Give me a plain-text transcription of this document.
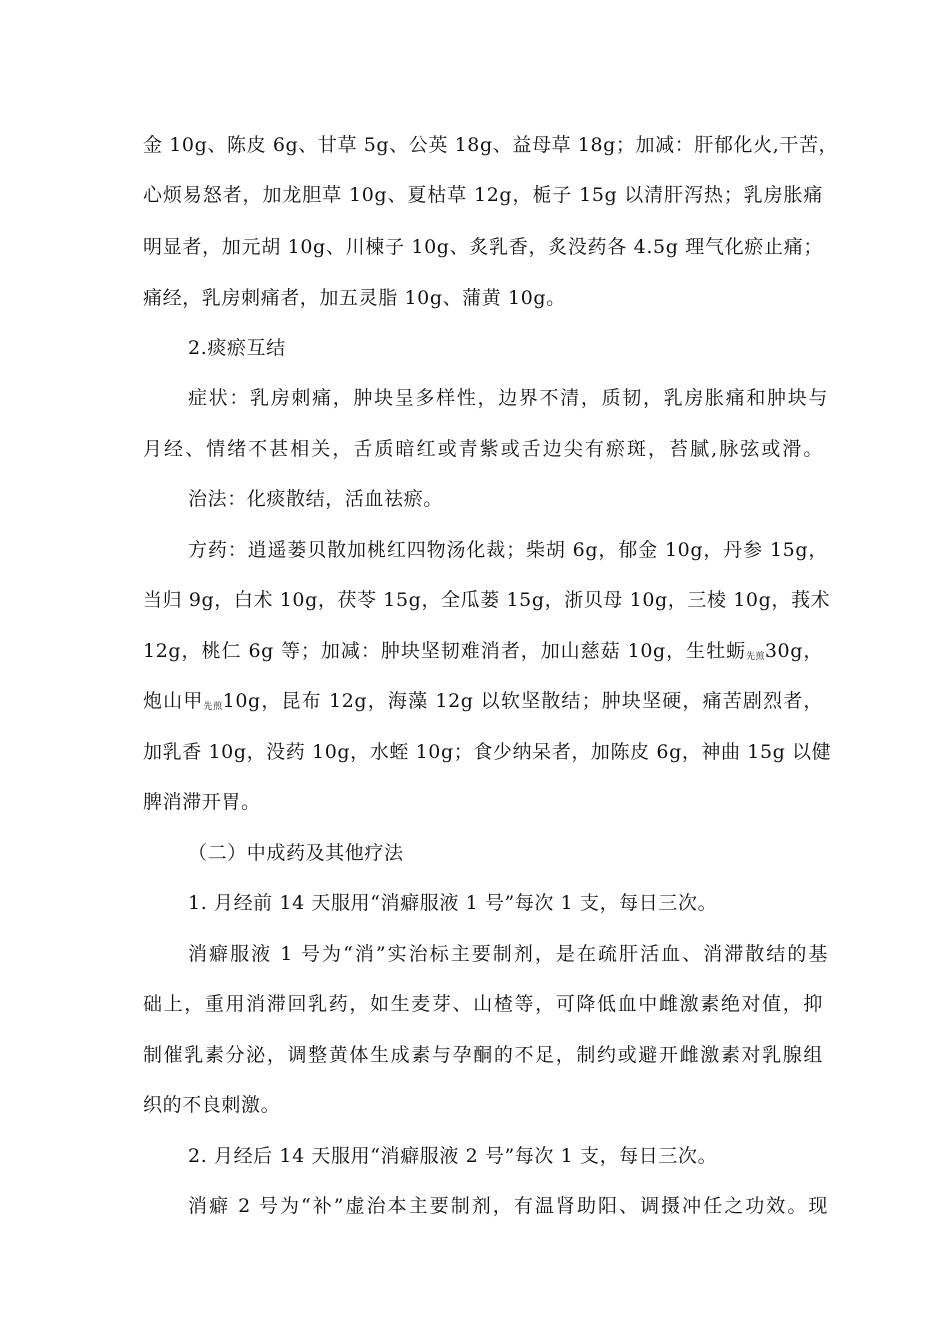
金 10g、陈皮 6g、甘草 5g、公英 18g、益母草 18g；加减：肝郁化火,干苦，
心烦易怒者，加龙胆草 10g、夏枯草 12g，栀子 15g 以清肝泻热；乳房胀痛
明显者，加元胡 10g、川楝子 10g、炙乳香，炙没药各 4.5g 理气化瘀止痛；
痛经，乳房刺痛者，加五灵脂 10g、蒲黄 10g。
2.痰瘀互结
症状：乳房刺痛，肿块呈多样性，边界不清，质韧，乳房胀痛和肿块与
月经、情绪不甚相关，舌质暗红或青紫或舌边尖有瘀斑，苔腻,脉弦或滑。
治法：化痰散结，活血祛瘀。
方药：逍遥蒌贝散加桃红四物汤化裁；柴胡 6g，郁金 10g，丹参 15g，
当归 9g，白术 10g，茯苓 15g，全瓜蒌 15g，浙贝母 10g，三棱 10g，莪术
12g，桃仁 6g 等；加减：肿块坚韧难消者，加山慈菇 10g，生牡蛎$_{先煎}$30g，
炮山甲$_{先煎}$10g，昆布 12g，海藻 12g 以软坚散结；肿块坚硬，痛苦剧烈者，
加乳香 10g，没药 10g，水蛭 10g；食少纳呆者，加陈皮 6g，神曲 15g 以健
脾消滞开胃。
（二）中成药及其他疗法
1. 月经前 14 天服用“消癖服液 1 号”每次 1 支，每日三次。
消癖服液 1 号为“消”实治标主要制剂，是在疏肝活血、消滞散结的基
础上，重用消滞回乳药，如生麦芽、山楂等，可降低血中雌激素绝对值，抑
制催乳素分泌，调整黄体生成素与孕酮的不足，制约或避开雌激素对乳腺组
织的不良刺激。
2. 月经后 14 天服用“消癖服液 2 号”每次 1 支，每日三次。
消癖 2 号为“补”虚治本主要制剂，有温肾助阳、调摄冲任之功效。现
